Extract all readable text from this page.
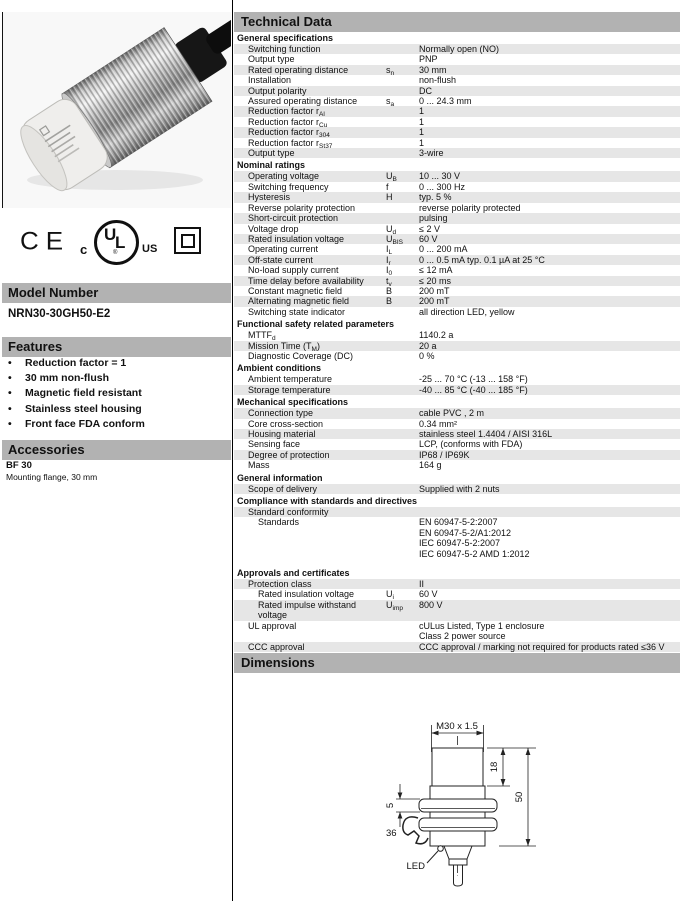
CE c
U
L
® US
Model Number
NRN30-30GH50-E2
Features
•	Reduction factor = 1
•	30 mm non-flush
•	Magnetic field resistant
•	Stainless steel housing
•	Front face FDA conform
Accessories
BF 30
Mounting flange, 30 mm
Technical Data
General specifications
Switching function	Normally open (NO)
Output type	PNP
Rated operating distance	$s_n$	30 mm
Installation	non-flush
Output polarity	DC
Assured operating distance	$s_a$	0 ... 24.3 mm
Reduction factor $r_{Al}$	1
Reduction factor $r_{Cu}$	1
Reduction factor $r_{304}$	1
Reduction factor $r_{St37}$	1
Output type	3-wire
Nominal ratings
Operating voltage	$U_B$	10 ... 30 V
Switching frequency	f	0 ... 300 Hz
Hysteresis	H	typ. 5 %
Reverse polarity protection	reverse polarity protected
Short-circuit protection	pulsing
Voltage drop	$U_d$	≤ 2 V
Rated insulation voltage	$U_{BIS}$	60 V
Operating current	$I_L$	0 ... 200 mA
Off-state current	$I_r$	0 ... 0.5 mA typ. 0.1 µA at 25 °C
No-load supply current	$I_0$	≤ 12 mA
Time delay before availability	$t_v$	≤ 20 ms
Constant magnetic field	B	200 mT
Alternating magnetic field	B	200 mT
Switching state indicator	all direction LED, yellow
Functional safety related parameters
$MTTF_d$	1140.2 a
Mission Time $(T_M)$	20 a
Diagnostic Coverage (DC)	0 %
Ambient conditions
Ambient temperature	-25 ... 70 °C (-13 ... 158 °F)
Storage temperature	-40 ... 85 °C (-40 ... 185 °F)
Mechanical specifications
Connection type	cable PVC , 2 m
Core cross-section	0.34 mm²
Housing material	stainless steel 1.4404 / AISI 316L
Sensing face	LCP, (conforms with FDA)
Degree of protection	IP68 / IP69K
Mass	164 g
General information
Scope of delivery	Supplied with 2 nuts
Compliance with standards and directives
Standard conformity
Standards	EN 60947-5-2:2007
EN 60947-5-2/A1:2012
IEC 60947-5-2:2007
IEC 60947-5-2 AMD 1:2012
Approvals and certificates
Protection class	II
Rated insulation voltage	$U_i$	60 V
Rated impulse withstand voltage
$U_{imp}$	800 V
UL approval	cULus Listed, Type 1 enclosure
Class 2 power source
CCC approval	CCC approval / marking not required for products rated ≤36 V
Dimensions
M30 x 1.5
18
50
5
36
LED
